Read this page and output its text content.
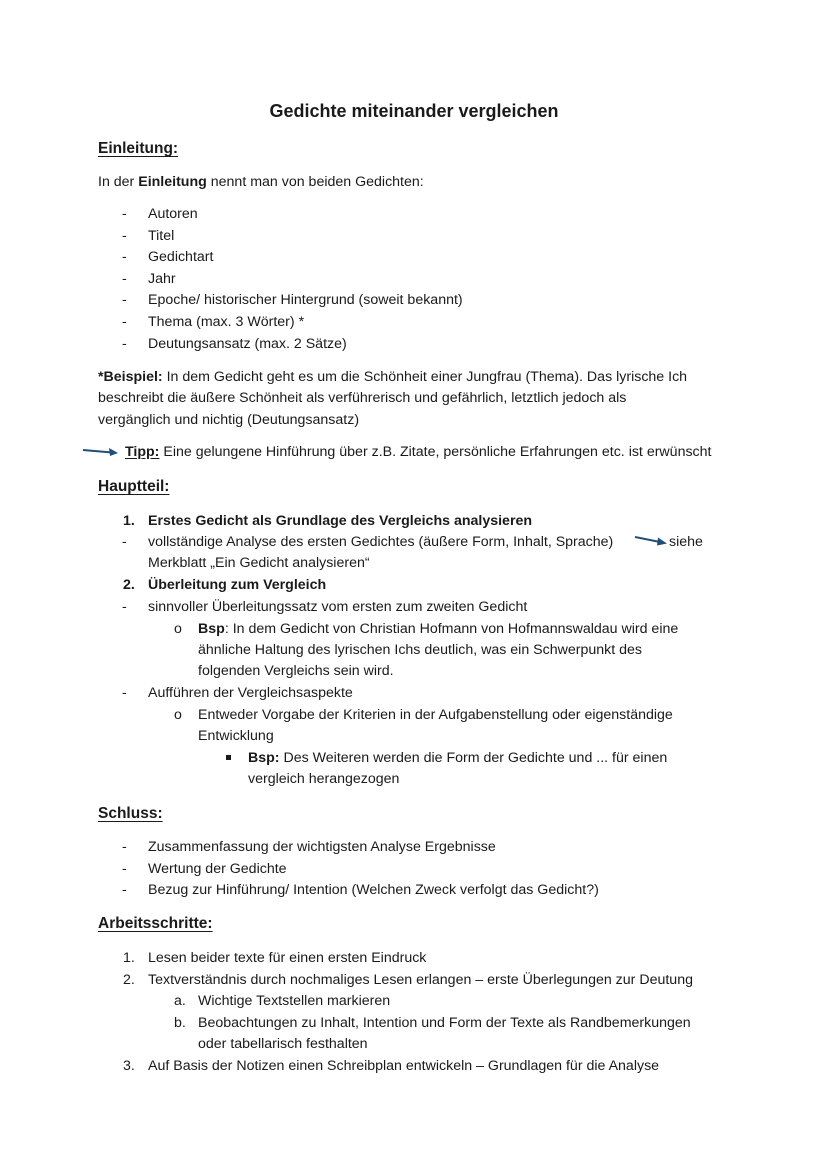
Gedichte miteinander vergleichen
Einleitung:
In der Einleitung nennt man von beiden Gedichten:
- Autoren
- Titel
- Gedichtart
- Jahr
- Epoche/ historischer Hintergrund (soweit bekannt)
- Thema (max. 3 Wörter) *
- Deutungsansatz (max. 2 Sätze)
*Beispiel: In dem Gedicht geht es um die Schönheit einer Jungfrau (Thema). Das lyrische Ich
beschreibt die äußere Schönheit als verführerisch und gefährlich, letztlich jedoch als
vergänglich und nichtig (Deutungsansatz)
Tipp: Eine gelungene Hinführung über z.B. Zitate, persönliche Erfahrungen etc. ist erwünscht
Hauptteil:
1. Erstes Gedicht als Grundlage des Vergleichs analysieren
- vollständige Analyse des ersten Gedichtes (äußere Form, Inhalt, Sprache)	siehe
Merkblatt „Ein Gedicht analysieren“
2. Überleitung zum Vergleich
- sinnvoller Überleitungssatz vom ersten zum zweiten Gedicht
o Bsp: In dem Gedicht von Christian Hofmann von Hofmannswaldau wird eine
ähnliche Haltung des lyrischen Ichs deutlich, was ein Schwerpunkt des
folgenden Vergleichs sein wird.
- Aufführen der Vergleichsaspekte
o Entweder Vorgabe der Kriterien in der Aufgabenstellung oder eigenständige
Entwicklung
Bsp: Des Weiteren werden die Form der Gedichte und ... für einen
vergleich herangezogen
Schluss:
- Zusammenfassung der wichtigsten Analyse Ergebnisse
- Wertung der Gedichte
- Bezug zur Hinführung/ Intention (Welchen Zweck verfolgt das Gedicht?)
Arbeitsschritte:
1. Lesen beider texte für einen ersten Eindruck
2. Textverständnis durch nochmaliges Lesen erlangen – erste Überlegungen zur Deutung
a. Wichtige Textstellen markieren
b. Beobachtungen zu Inhalt, Intention und Form der Texte als Randbemerkungen
oder tabellarisch festhalten
3. Auf Basis der Notizen einen Schreibplan entwickeln – Grundlagen für die Analyse
